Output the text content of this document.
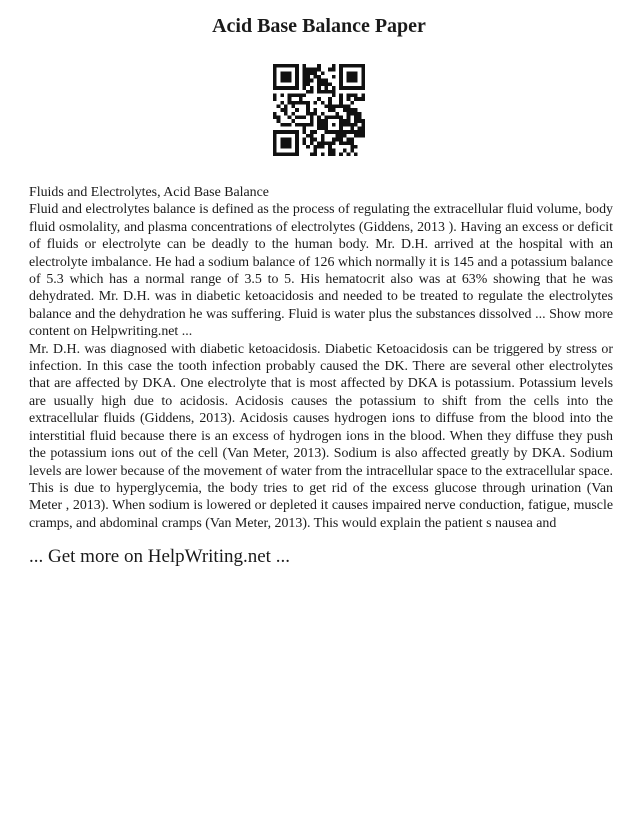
Acid Base Balance Paper

Fluids and Electrolytes, Acid Base Balance

Fluid and electrolytes balance is defined as the process of regulating the extracellular fluid volume, body fluid osmolality, and plasma concentrations of electrolytes (Giddens, 2013 ). Having an excess or deficit of fluids or electrolyte can be deadly to the human body. Mr. D.H. arrived at the hospital with an electrolyte imbalance. He had a sodium balance of 126 which normally it is 145 and a potassium balance of 5.3 which has a normal range of 3.5 to 5. His hematocrit also was at 63% showing that he was dehydrated. Mr. D.H. was in diabetic ketoacidosis and needed to be treated to regulate the electrolytes balance and the dehydration he was suffering. Fluid is water plus the substances dissolved ... Show more content on Helpwriting.net ...

Mr. D.H. was diagnosed with diabetic ketoacidosis. Diabetic Ketoacidosis can be triggered by stress or infection. In this case the tooth infection probably caused the DK. There are several other electrolytes that are affected by DKA. One electrolyte that is most affected by DKA is potassium. Potassium levels are usually high due to acidosis. Acidosis causes the potassium to shift from the cells into the extracellular fluids (Giddens, 2013). Acidosis causes hydrogen ions to diffuse from the blood into the interstitial fluid because there is an excess of hydrogen ions in the blood. When they diffuse they push the potassium ions out of the cell (Van Meter, 2013). Sodium is also affected greatly by DKA. Sodium levels are lower because of the movement of water from the intracellular space to the extracellular space. This is due to hyperglycemia, the body tries to get rid of the excess glucose through urination (Van Meter , 2013). When sodium is lowered or depleted it causes impaired nerve conduction, fatigue, muscle cramps, and abdominal cramps (Van Meter, 2013). This would explain the patient s nausea and

... Get more on HelpWriting.net ...
